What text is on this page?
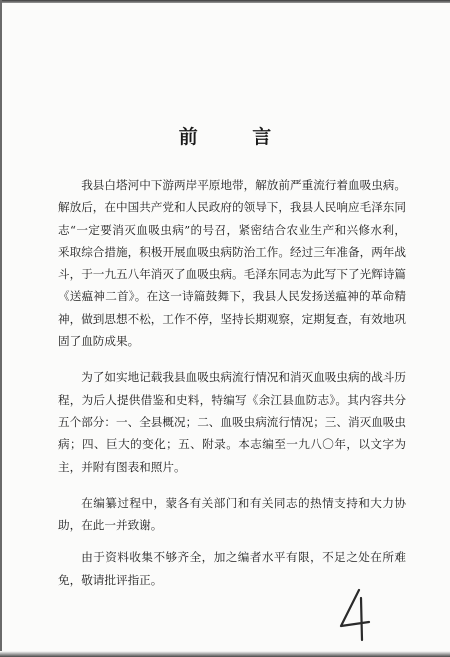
前 言

我县白塔河中下游两岸平原地带，解放前严重流行着血吸虫病。解放后，在中国共产党和人民政府的领导下，我县人民响应毛泽东同志“一定要消灭血吸虫病”的号召，紧密结合农业生产和兴修水利，釆取综合措施，积极开展血吸虫病防治工作。经过三年准备，两年战斗，于一九五八年消灭了血吸虫病。毛泽东同志为此写下了光辉诗篇《送瘟神二首》。在这一诗篇鼓舞下，我县人民发扬送瘟神的革命精神，做到思想不松，工作不停，坚持长期观察，定期复查，有效地巩固了血防成果。

为了如实地记载我县血吸虫病流行情况和消灭血吸虫病的战斗历程，为后人提供借鉴和史料，特编写《余江县血防志》。其内容共分五个部分：一、全县概况；二、血吸虫病流行情况；三、消灭血吸虫病；四、巨大的变化；五、附录。本志编至一九八〇年，以文字为主，并附有图表和照片。

在编纂过程中，蒙各有关部门和有关同志的热情支持和大力协助，在此一并致谢。

由于资料收集不够齐全，加之编者水平有限，不足之处在所难免，敬请批评指正。
